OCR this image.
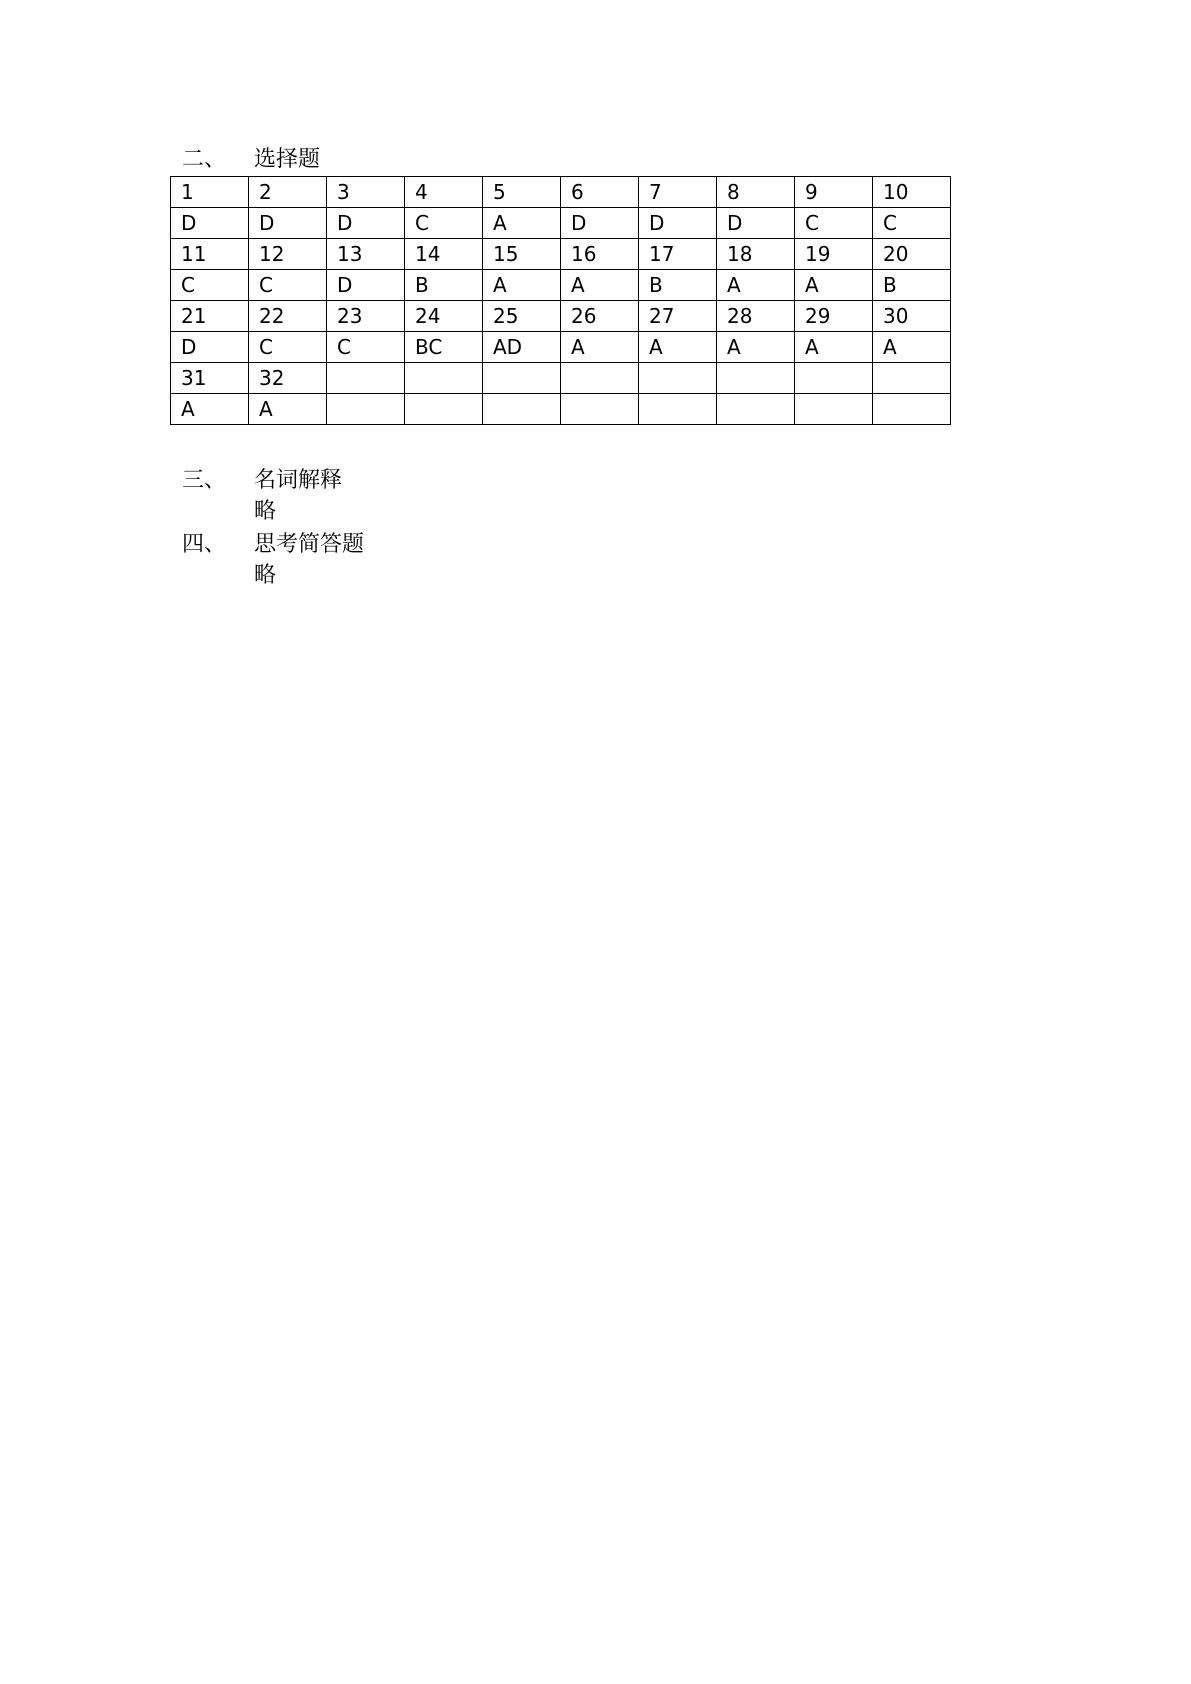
二、 选择题
1	2	3	4	5	6	7	8	9	10
D	D	D	C	A	D	D	D	C	C
11	12	13	14	15	16	17	18	19	20
C	C	D	B	A	A	B	A	A	B
21	22	23	24	25	26	27	28	29	30
D	C	C	BC	AD	A	A	A	A	A
31	32								
A	A								
三、 名词解释
略
四、 思考简答题
略
